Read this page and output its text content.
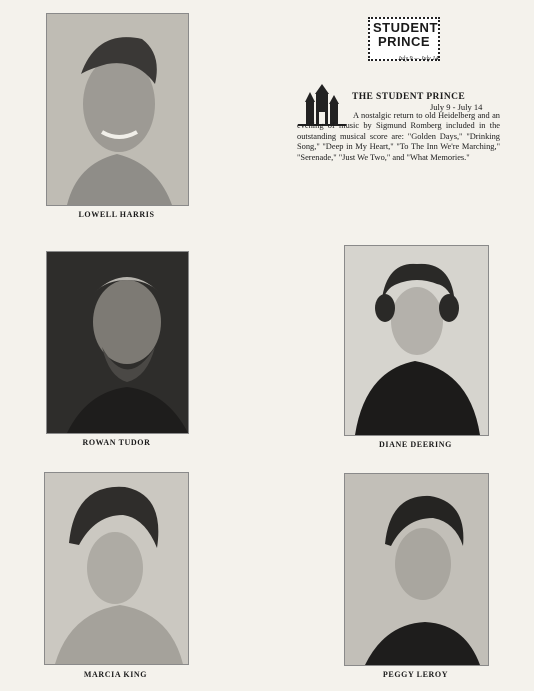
STUDENT
PRINCE
July 9 — July 14
THE STUDENT PRINCE
July 9 - July 14
A nostalgic return to old Heidelberg and an evening of music by Sigmund Romberg included in the outstanding musical score are: "Golden Days," "Drinking Song," "Deep in My Heart," "To The Inn We're Marching," "Serenade," "Just We Two," and "What Memories."
LOWELL HARRIS
ROWAN TUDOR	DIANE DEERING
MARCIA KING	PEGGY LEROY
